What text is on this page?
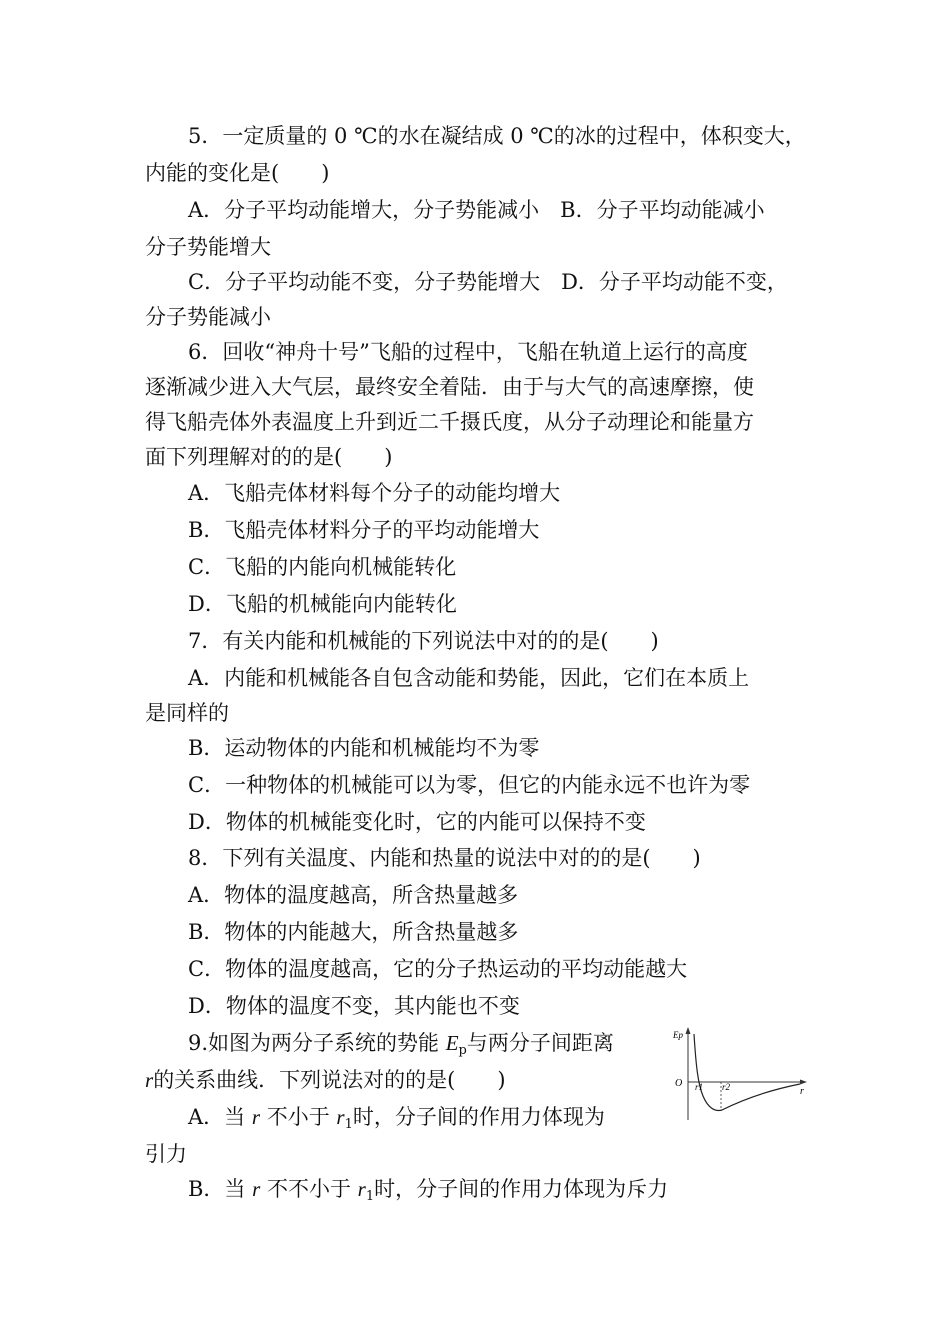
5．一定质量的 0 ℃的水在凝结成 0 ℃的冰的过程中，体积变大，
内能的变化是(　　)
A．分子平均动能增大，分子势能减小　B．分子平均动能减小
分子势能增大
C．分子平均动能不变，分子势能增大　D．分子平均动能不变，
分子势能减小
6．回收“神舟十号”飞船的过程中，飞船在轨道上运行的高度
逐渐减少进入大气层，最终安全着陆．由于与大气的高速摩擦，使
得飞船壳体外表温度上升到近二千摄氏度，从分子动理论和能量方
面下列理解对的的是(　　)
A．飞船壳体材料每个分子的动能均增大
B．飞船壳体材料分子的平均动能增大
C．飞船的内能向机械能转化
D．飞船的机械能向内能转化
7．有关内能和机械能的下列说法中对的的是(　　)
A．内能和机械能各自包含动能和势能，因此，它们在本质上
是同样的
B．运动物体的内能和机械能均不为零
C．一种物体的机械能可以为零，但它的内能永远不也许为零
D．物体的机械能变化时，它的内能可以保持不变
8．下列有关温度、内能和热量的说法中对的的是(　　)
A．物体的温度越高，所含热量越多
B．物体的内能越大，所含热量越多
C．物体的温度越高，它的分子热运动的平均动能越大
D．物体的温度不变，其内能也不变
9.如图为两分子系统的势能 $E_p$与两分子间距离
r的关系曲线．下列说法对的的是(　　)
A．当 r 不小于 $r_1$时，分子间的作用力体现为
引力
B．当 r 不不小于 $r_1$时，分子间的作用力体现为斥力
Ep
O
r
r1 r2
